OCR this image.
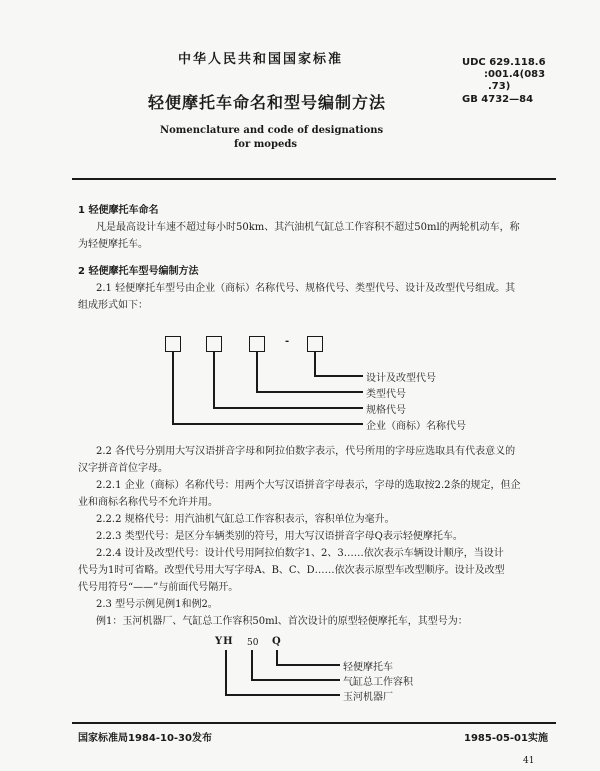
中华人民共和国国家标准	UDC 629.118.6
:001.4(083
.73)
GB 4732—84
轻便摩托车命名和型号编制方法
Nomenclature and code of designations
for mopeds
1 轻便摩托车命名
凡是最高设计车速不超过每小时50km、其汽油机气缸总工作容积不超过50ml的两轮机动车，称
为轻便摩托车。
2 轻便摩托车型号编制方法
2.1 轻便摩托车型号由企业（商标）名称代号、规格代号、类型代号、设计及改型代号组成。其
组成形式如下：
-
设计及改型代号
类型代号
规格代号
企业（商标）名称代号
2.2 各代号分别用大写汉语拼音字母和阿拉伯数字表示，代号所用的字母应选取具有代表意义的
汉字拼音首位字母。
2.2.1 企业（商标）名称代号：用两个大写汉语拼音字母表示，字母的选取按2.2条的规定，但企
业和商标名称代号不允许并用。
2.2.2 规格代号：用汽油机气缸总工作容积表示，容积单位为毫升。
2.2.3 类型代号：是区分车辆类别的符号，用大写汉语拼音字母Q表示轻便摩托车。
2.2.4 设计及改型代号：设计代号用阿拉伯数字1、2、3……依次表示车辆设计顺序，当设计
代号为1时可省略。改型代号用大写字母A、B、C、D……依次表示原型车改型顺序。设计及改型
代号用符号“——”与前面代号隔开。
2.3 型号示例见例1和例2。
例1：玉河机器厂、气缸总工作容积50ml、首次设计的原型轻便摩托车，其型号为：
YH 50 Q
轻便摩托车
气缸总工作容积
玉河机器厂
国家标准局1984-10-30发布	1985-05-01实施
41
